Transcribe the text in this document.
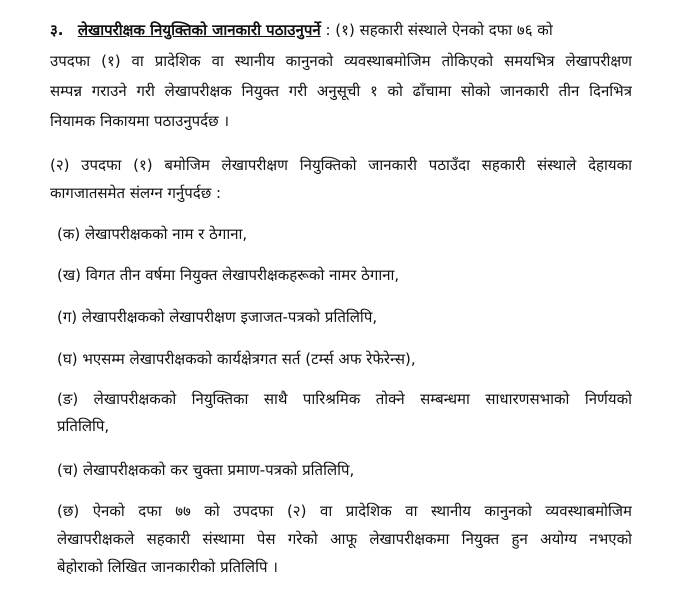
३. लेखापरीक्षक नियुक्तिको जानकारी पठाउनुपर्ने : (१) सहकारी संस्थाले ऐनको दफा ७६ को
उपदफा (१) वा प्रादेशिक वा स्थानीय कानुनको व्यवस्थाबमोजिम तोकिएको समयभित्र लेखापरीक्षण
सम्पन्न गराउने गरी लेखापरीक्षक नियुक्त गरी अनुसूची १ को ढाँचामा सोको जानकारी तीन दिनभित्र
नियामक निकायमा पठाउनुपर्दछ ।
(२) उपदफा (१) बमोजिम लेखापरीक्षण नियुक्तिको जानकारी पठाउँदा सहकारी संस्थाले देहायका
कागजातसमेत संलग्न गर्नुपर्दछ :
(क) लेखापरीक्षकको नाम र ठेगाना,
(ख) विगत तीन वर्षमा नियुक्त लेखापरीक्षकहरूको नामर ठेगाना,
(ग) लेखापरीक्षकको लेखापरीक्षण इजाजत-पत्रको प्रतिलिपि,
(घ) भएसम्म लेखापरीक्षकको कार्यक्षेत्रगत सर्त (टर्म्स अफ रेफेरेन्स),
(ङ) लेखापरीक्षकको नियुक्तिका साथै पारिश्रमिक तोक्ने सम्बन्धमा साधारणसभाको निर्णयको
प्रतिलिपि,
(च) लेखापरीक्षकको कर चुक्ता प्रमाण-पत्रको प्रतिलिपि,
(छ) ऐनको दफा ७७ को उपदफा (२) वा प्रादेशिक वा स्थानीय कानुनको व्यवस्थाबमोजिम
लेखापरीक्षकले सहकारी संस्थामा पेस गरेको आफू लेखापरीक्षकमा नियुक्त हुन अयोग्य नभएको
बेहोराको लिखित जानकारीको प्रतिलिपि ।
